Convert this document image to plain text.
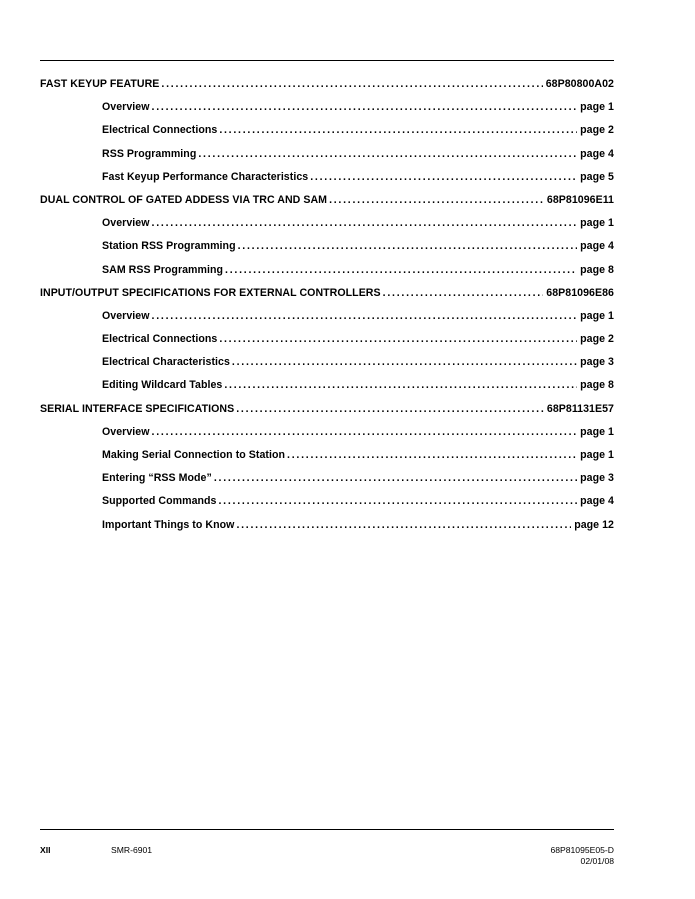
FAST KEYUP FEATURE . . .	68P80800A02
Overview . . .	page 1
Electrical Connections . . .	page 2
RSS Programming . . .	page 4
Fast Keyup Performance Characteristics . . .	page 5
DUAL CONTROL OF GATED ADDESS VIA TRC AND SAM . . .	68P81096E11
Overview . . .	page 1
Station RSS Programming . . .	page 4
SAM RSS Programming . . .	page 8
INPUT/OUTPUT SPECIFICATIONS FOR EXTERNAL CONTROLLERS . . .	68P81096E86
Overview . . .	page 1
Electrical Connections . . .	page 2
Electrical Characteristics . . .	page 3
Editing Wildcard Tables . . .	page 8
SERIAL INTERFACE SPECIFICATIONS . . .	68P81131E57
Overview . . .	page 1
Making Serial Connection to Station . . .	page 1
Entering “RSS Mode” . . .	page 3
Supported Commands . . .	page 4
Important Things to Know . . .	page 12
XII	SMR-6901	68P81095E05-D
02/01/08
